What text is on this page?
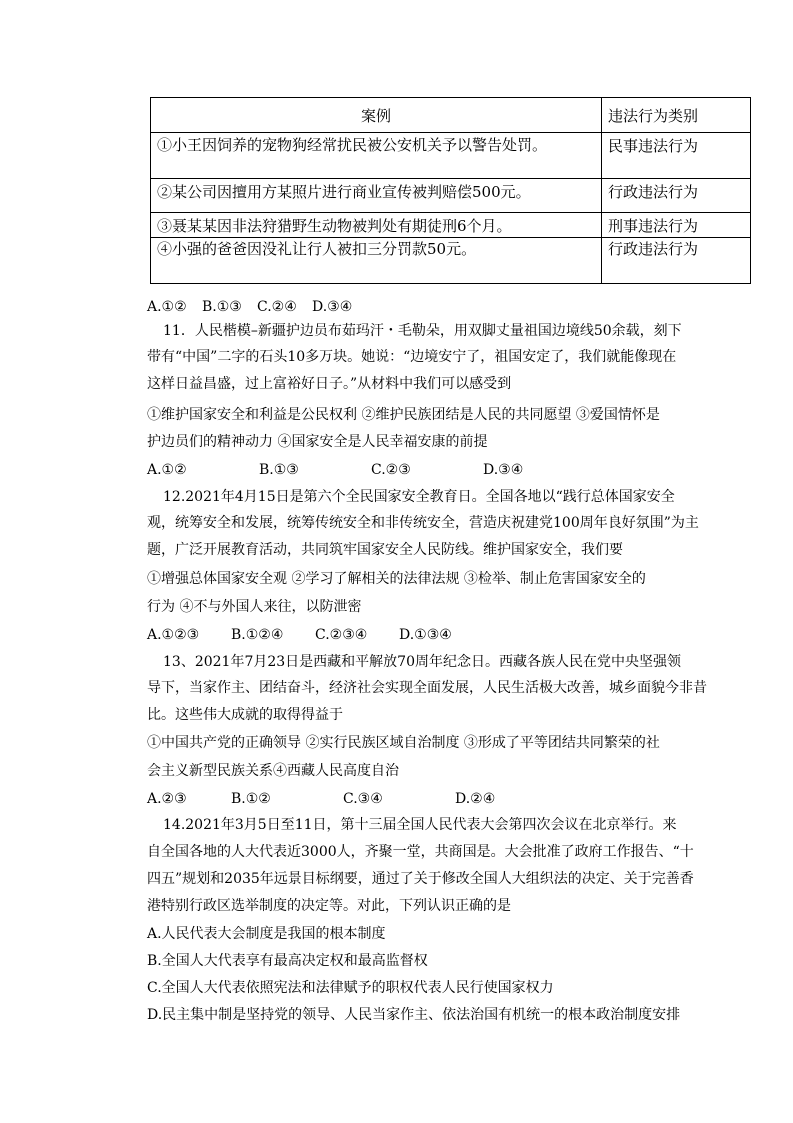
案例	违法行为类别
①小王因饲养的宠物狗经常扰民被公安机关予以警告处罚。	民事违法行为
②某公司因擅用方某照片进行商业宣传被判赔偿500元。	行政违法行为
③聂某某因非法狩猎野生动物被判处有期徒刑6个月。	刑事违法行为
④小强的爸爸因没礼让行人被扣三分罚款50元。	行政违法行为
A.①② B.①③ C.②④ D.③④
11．人民楷模–新疆护边员布茹玛汗・毛勒朵，用双脚丈量祖国边境线50余载，刻下
带有“中国”二字的石头10多万块。她说：“边境安宁了，祖国安定了，我们就能像现在
这样日益昌盛，过上富裕好日子。”从材料中我们可以感受到
①维护国家安全和利益是公民权利 ②维护民族团结是人民的共同愿望 ③爱国情怀是
护边员们的精神动力 ④国家安全是人民幸福安康的前提
A.①②	B.①③	C.②③	D.③④
12.2021年4月15日是第六个全民国家安全教育日。全国各地以“践行总体国家安全
观，统筹安全和发展，统筹传统安全和非传统安全，营造庆祝建党100周年良好氛围”为主
题，广泛开展教育活动，共同筑牢国家安全人民防线。维护国家安全，我们要
①增强总体国家安全观 ②学习了解相关的法律法规 ③检举、制止危害国家安全的
行为 ④不与外国人来往，以防泄密
A.①②③ B.①②④ C.②③④ D.①③④
13、2021年7月23日是西藏和平解放70周年纪念日。西藏各族人民在党中央坚强领
导下，当家作主、团结奋斗，经济社会实现全面发展，人民生活极大改善，城乡面貌今非昔
比。这些伟大成就的取得得益于
①中国共产党的正确领导 ②实行民族区域自治制度 ③形成了平等团结共同繁荣的社
会主义新型民族关系④西藏人民高度自治
A.②③	B.①②	C.③④	D.②④
14.2021年3月5日至11日，第十三届全国人民代表大会第四次会议在北京举行。来
自全国各地的人大代表近3000人，齐聚一堂，共商国是。大会批准了政府工作报告、“十
四五”规划和2035年远景目标纲要，通过了关于修改全国人大组织法的决定、关于完善香
港特别行政区选举制度的决定等。对此，下列认识正确的是
A.人民代表大会制度是我国的根本制度
B.全国人大代表享有最高决定权和最高监督权
C.全国人大代表依照宪法和法律赋予的职权代表人民行使国家权力
D.民主集中制是坚持党的领导、人民当家作主、依法治国有机统一的根本政治制度安排
